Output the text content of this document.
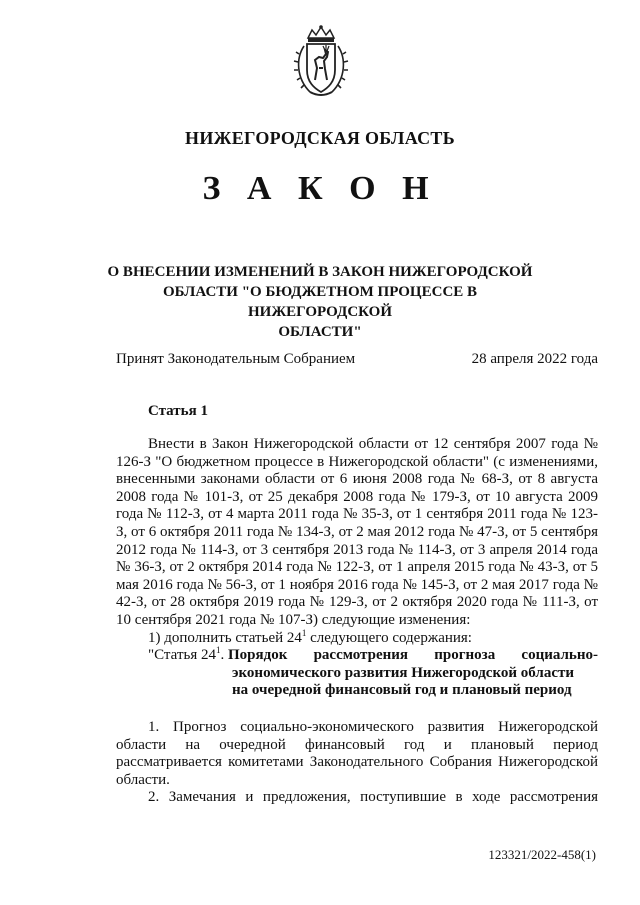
НИЖЕГОРОДСКАЯ ОБЛАСТЬ
З А К О Н
О ВНЕСЕНИИ ИЗМЕНЕНИЙ В ЗАКОН НИЖЕГОРОДСКОЙ
ОБЛАСТИ "О БЮДЖЕТНОМ ПРОЦЕССЕ В НИЖЕГОРОДСКОЙ
ОБЛАСТИ"
Принят Законодательным Собранием	28 апреля 2022 года
Статья 1

Внести в Закон Нижегородской области от 12 сентября 2007 года № 126-З "О бюджетном процессе в Нижегородской области" (с изменениями, внесенными законами области от 6 июня 2008 года № 68-З, от 8 августа 2008 года № 101-З, от 25 декабря 2008 года № 179-З, от 10 августа 2009 года № 112-З, от 4 марта 2011 года № 35-З, от 1 сентября 2011 года № 123-З, от 6 октября 2011 года № 134-З, от 2 мая 2012 года № 47-З, от 5 сентября 2012 года № 114-З, от 3 сентября 2013 года № 114-З, от 3 апреля 2014 года № 36-З, от 2 октября 2014 года № 122-З, от 1 апреля 2015 года № 43-З, от 5 мая 2016 года № 56-З, от 1 ноября 2016 года № 145-З, от 2 мая 2017 года № 42-З, от 28 октября 2019 года № 129-З, от 2 октября 2020 года № 111-З, от 10 сентября 2021 года № 107-З) следующие изменения:

1) дополнить статьей $24^1$ следующего содержания:

"Статья $24^1$. Порядок рассмотрения прогноза социально-
экономического развития Нижегородской области
на очередной финансовый год и плановый период

1. Прогноз социально-экономического развития Нижегородской области на очередной финансовый год и плановый период рассматривается комитетами Законодательного Собрания Нижегородской области.

2. Замечания и предложения, поступившие в ходе рассмотрения

123321/2022-458(1)
